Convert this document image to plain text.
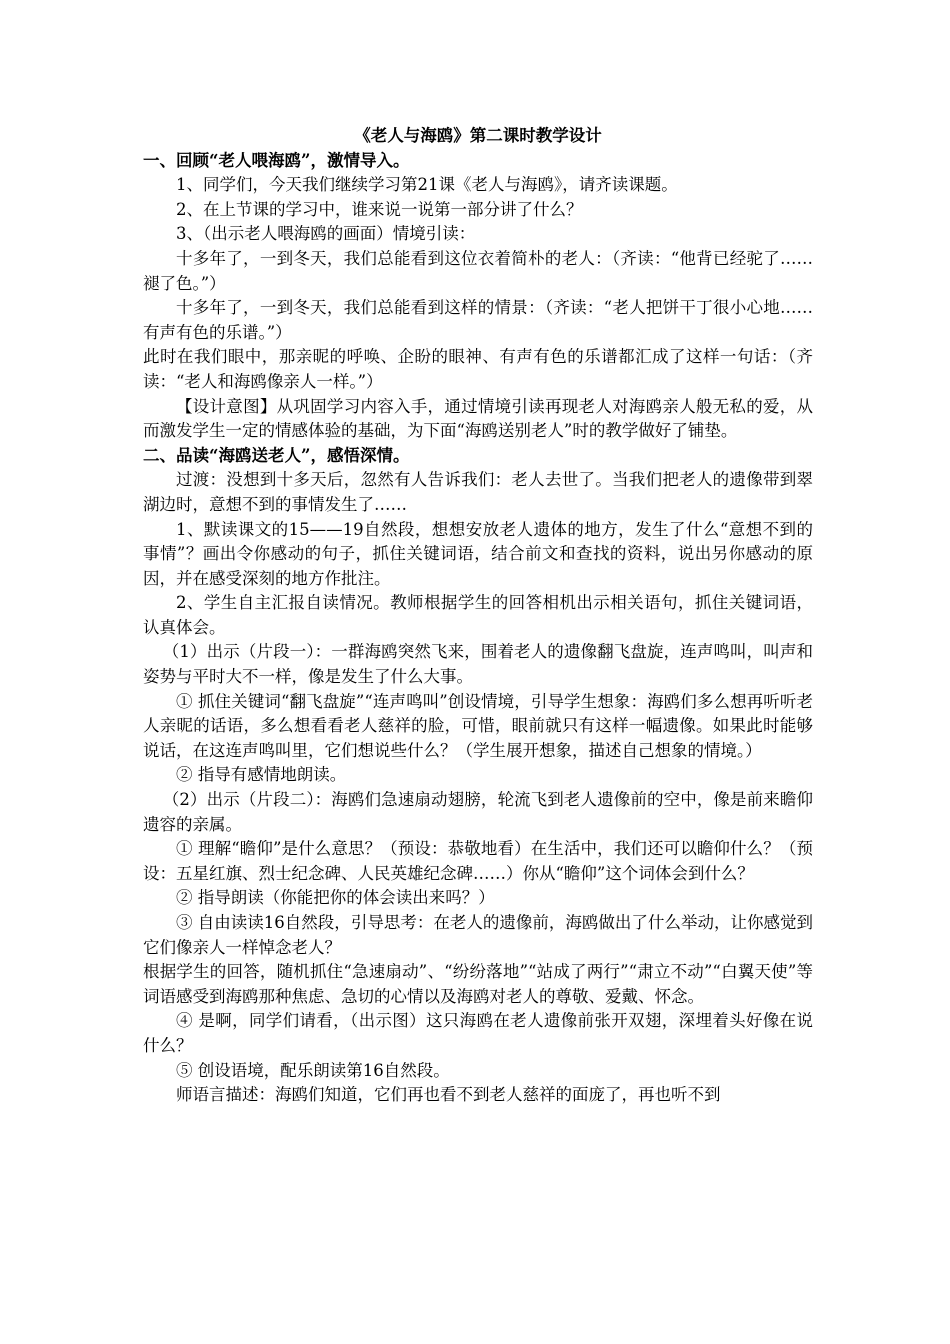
《老人与海鸥》第二课时教学设计

一、回顾“老人喂海鸥”，激情导入。

1、同学们，今天我们继续学习第21课《老人与海鸥》，请齐读课题。

2、在上节课的学习中，谁来说一说第一部分讲了什么？

3、（出示老人喂海鸥的画面）情境引读：

十多年了，一到冬天，我们总能看到这位衣着简朴的老人：（齐读：“他背已经驼了……褪了色。”）

十多年了，一到冬天，我们总能看到这样的情景：（齐读：“老人把饼干丁很小心地……有声有色的乐谱。”）

此时在我们眼中，那亲昵的呼唤、企盼的眼神、有声有色的乐谱都汇成了这样一句话：（齐读：“老人和海鸥像亲人一样。”）

【设计意图】从巩固学习内容入手，通过情境引读再现老人对海鸥亲人般无私的爱，从而激发学生一定的情感体验的基础，为下面“海鸥送别老人”时的教学做好了铺垫。

二、品读“海鸥送老人”，感悟深情。

过渡：没想到十多天后，忽然有人告诉我们：老人去世了。当我们把老人的遗像带到翠湖边时，意想不到的事情发生了……

1、默读课文的15——19自然段，想想安放老人遗体的地方，发生了什么“意想不到的事情”？画出令你感动的句子，抓住关键词语，结合前文和查找的资料，说出另你感动的原因，并在感受深刻的地方作批注。

2、学生自主汇报自读情况。教师根据学生的回答相机出示相关语句，抓住关键词语，认真体会。

（1）出示（片段一）：一群海鸥突然飞来，围着老人的遗像翻飞盘旋，连声鸣叫，叫声和姿势与平时大不一样，像是发生了什么大事。

① 抓住关键词“翻飞盘旋”“连声鸣叫”创设情境，引导学生想象：海鸥们多么想再听听老人亲昵的话语，多么想看看老人慈祥的脸，可惜，眼前就只有这样一幅遗像。如果此时能够说话，在这连声鸣叫里，它们想说些什么？（学生展开想象，描述自己想象的情境。）

② 指导有感情地朗读。

（2）出示（片段二）：海鸥们急速扇动翅膀，轮流飞到老人遗像前的空中，像是前来瞻仰遗容的亲属。

① 理解“瞻仰”是什么意思？（预设：恭敬地看）在生活中，我们还可以瞻仰什么？（预设：五星红旗、烈士纪念碑、人民英雄纪念碑……）你从“瞻仰”这个词体会到什么？

② 指导朗读（你能把你的体会读出来吗？）

③ 自由读读16自然段，引导思考：在老人的遗像前，海鸥做出了什么举动，让你感觉到它们像亲人一样悼念老人？

根据学生的回答，随机抓住“急速扇动”、“纷纷落地”“站成了两行”“肃立不动”“白翼天使”等词语感受到海鸥那种焦虑、急切的心情以及海鸥对老人的尊敬、爱戴、怀念。

④ 是啊，同学们请看，（出示图）这只海鸥在老人遗像前张开双翅，深埋着头好像在说什么？

⑤ 创设语境，配乐朗读第16自然段。

师语言描述：海鸥们知道，它们再也看不到老人慈祥的面庞了，再也听不到
